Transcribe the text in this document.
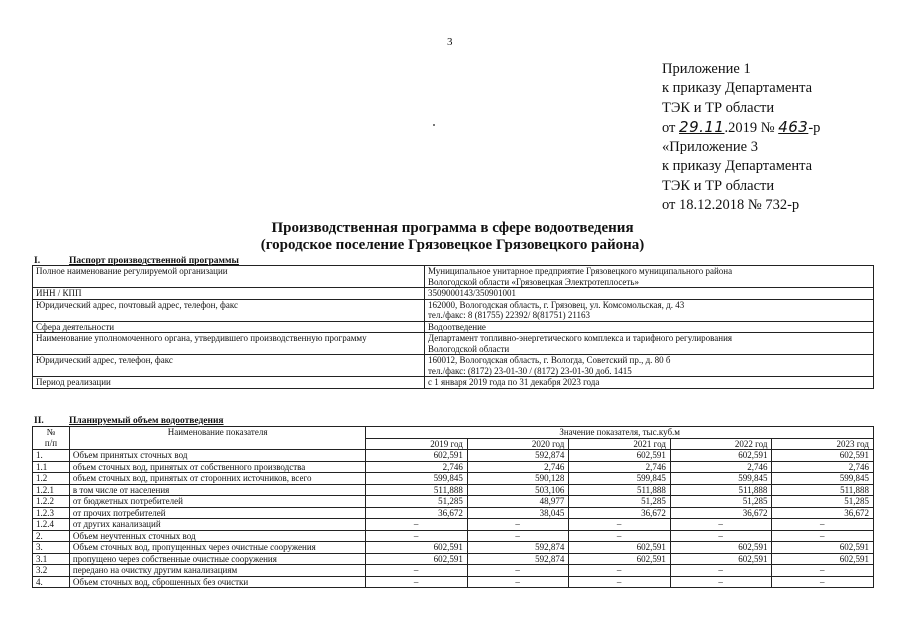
3
Приложение 1
к приказу Департамента
ТЭК и ТР области
от 29.11.2019 № 463-р
«Приложение 3
к приказу Департамента
ТЭК и ТР области
от 18.12.2018 № 732-р
Производственная программа в сфере водоотведения
(городское поселение Грязовецкое Грязовецкого района)
I.	Паспорт производственной программы
Полное наименование регулируемой организации	Муниципальное унитарное предприятие Грязовецкого муниципального района
Вологодской области «Грязовецкая Электротеплосеть»

ИНН / КПП	3509000143/350901001

Юридический адрес, почтовый адрес, телефон, факс	162000, Вологодская область, г. Грязовец, ул. Комсомольская, д. 43
тел./факс: 8 (81755) 22392/ 8(81751) 21163

Сфера деятельности	Водоотведение

Наименование уполномоченного органа, утвердившего производственную программу	Департамент топливно-энергетического комплекса и тарифного регулирования
Вологодской области

Юридический адрес, телефон, факс	160012, Вологодская область, г. Вологда, Советский пр., д. 80 б
тел./факс: (8172) 23-01-30 / (8172) 23-01-30 доб. 1415

Период реализации	с 1 января 2019 года по 31 декабря 2023 года
II.	Планируемый объем водоотведения
№
п/п	Наименование показателя	Значение показателя, тыс.куб.м				
		2019 год	2020 год	2021 год	2022 год	2023 год
1.	Объем принятых сточных вод	602,591	592,874	602,591	602,591	602,591
1.1	объем сточных вод, принятых от собственного производства	2,746	2,746	2,746	2,746	2,746
1.2	объем сточных вод, принятых от сторонних источников, всего	599,845	590,128	599,845	599,845	599,845
1.2.1	в том числе от населения	511,888	503,106	511,888	511,888	511,888
1.2.2	от бюджетных потребителей	51,285	48,977	51,285	51,285	51,285
1.2.3	от прочих потребителей	36,672	38,045	36,672	36,672	36,672
1.2.4	от других канализаций	–	–	–	–	–
2.	Объем неучтенных сточных вод	–	–	–	–	–
3.	Объем сточных вод, пропущенных через очистные сооружения	602,591	592,874	602,591	602,591	602,591
3.1	пропущено через собственные очистные сооружения	602,591	592,874	602,591	602,591	602,591
3.2	передано на очистку другим канализациям	–	–	–	–	–
4.	Объем сточных вод, сброшенных без очистки	–	–	–	–	–
